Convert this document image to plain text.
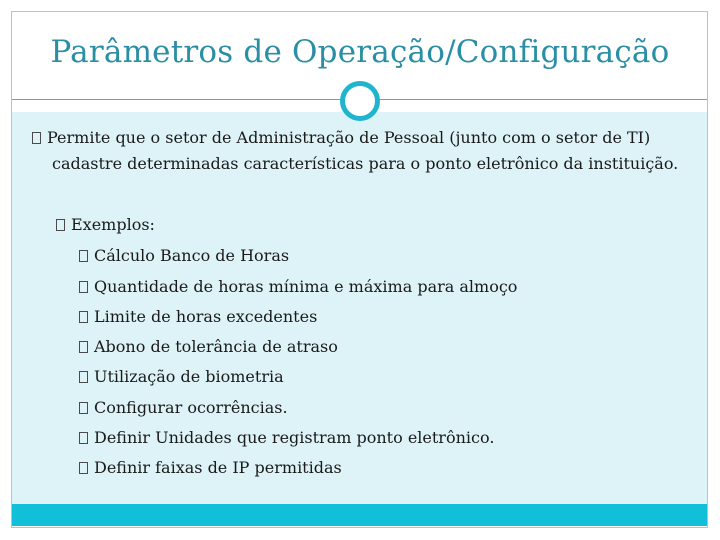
Parâmetros de Operação/Configuração
Permite que o setor de Administração de Pessoal (junto com o setor de TI)
cadastre determinadas características para o ponto eletrônico da instituição.
Exemplos:
Cálculo Banco de Horas
Quantidade de horas mínima e máxima para almoço
Limite de horas excedentes
Abono de tolerância de atraso
Utilização de biometria
Configurar ocorrências.
Definir Unidades que registram ponto eletrônico.
Definir faixas de IP permitidas
